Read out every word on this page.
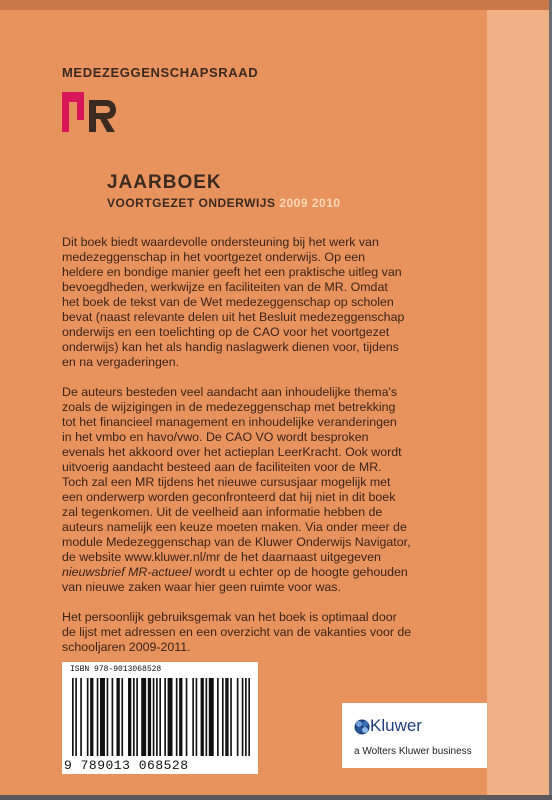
MEDEZEGGENSCHAPSRAAD
JAARBOEK
VOORTGEZET ONDERWIJS 2009 2010

Dit boek biedt waardevolle ondersteuning bij het werk van
medezeggenschap in het voortgezet onderwijs. Op een
heldere en bondige manier geeft het een praktische uitleg van
bevoegdheden, werkwijze en faciliteiten van de MR. Omdat
het boek de tekst van de Wet medezeggenschap op scholen
bevat (naast relevante delen uit het Besluit medezeggenschap
onderwijs en een toelichting op de CAO voor het voortgezet
onderwijs) kan het als handig naslagwerk dienen voor, tijdens
en na vergaderingen.

De auteurs besteden veel aandacht aan inhoudelijke thema's
zoals de wijzigingen in de medezeggenschap met betrekking
tot het financieel management en inhoudelijke veranderingen
in het vmbo en havo/vwo. De CAO VO wordt besproken
evenals het akkoord over het actieplan LeerKracht. Ook wordt
uitvoerig aandacht besteed aan de faciliteiten voor de MR.
Toch zal een MR tijdens het nieuwe cursusjaar mogelijk met
een onderwerp worden geconfronteerd dat hij niet in dit boek
zal tegenkomen. Uit de veelheid aan informatie hebben de
auteurs namelijk een keuze moeten maken. Via onder meer de
module Medezeggenschap van de Kluwer Onderwijs Navigator,
de website www.kluwer.nl/mr de het daarnaast uitgegeven
nieuwsbrief MR-actueel wordt u echter op de hoogte gehouden
van nieuwe zaken waar hier geen ruimte voor was.

Het persoonlijk gebruiksgemak van het boek is optimaal door
de lijst met adressen en een overzicht van de vakanties voor de
schooljaren 2009-2011.

ISBN 978-9013068528
9 789013 068528
Kluwer
a Wolters Kluwer business
